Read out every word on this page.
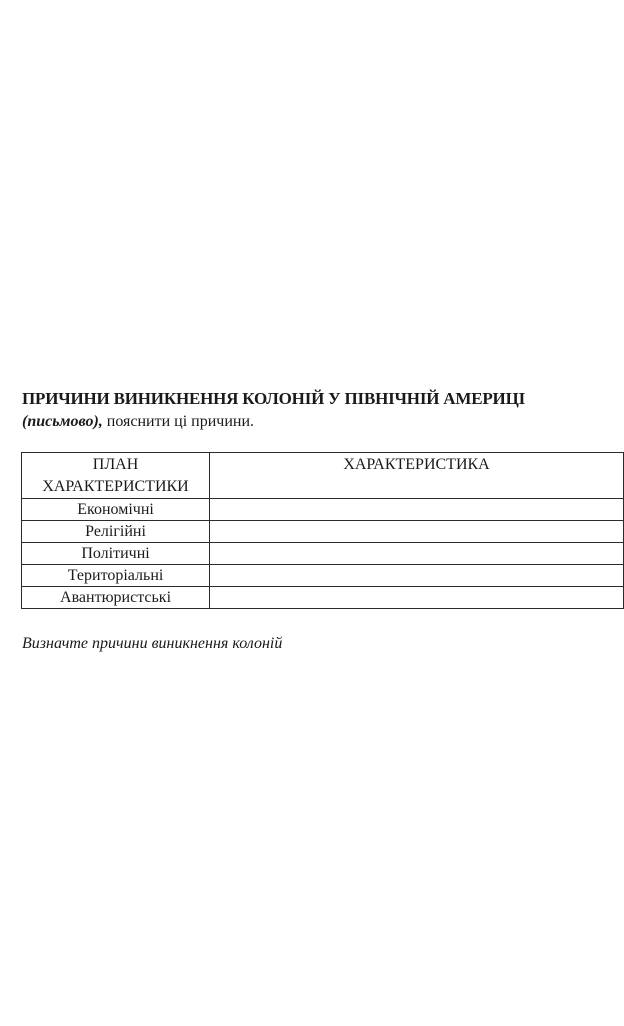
ПРИЧИНИ ВИНИКНЕННЯ КОЛОНІЙ У ПІВНІЧНІЙ АМЕРИЦІ

(письмово), пояснити ці причини.

ПЛАН ХАРАКТЕРИСТИКИ	ХАРАКТЕРИСТИКА
Економічні	
Релігійні	
Політичні	
Територіальні	
Авантюристські	

Визначте причини виникнення колоній
